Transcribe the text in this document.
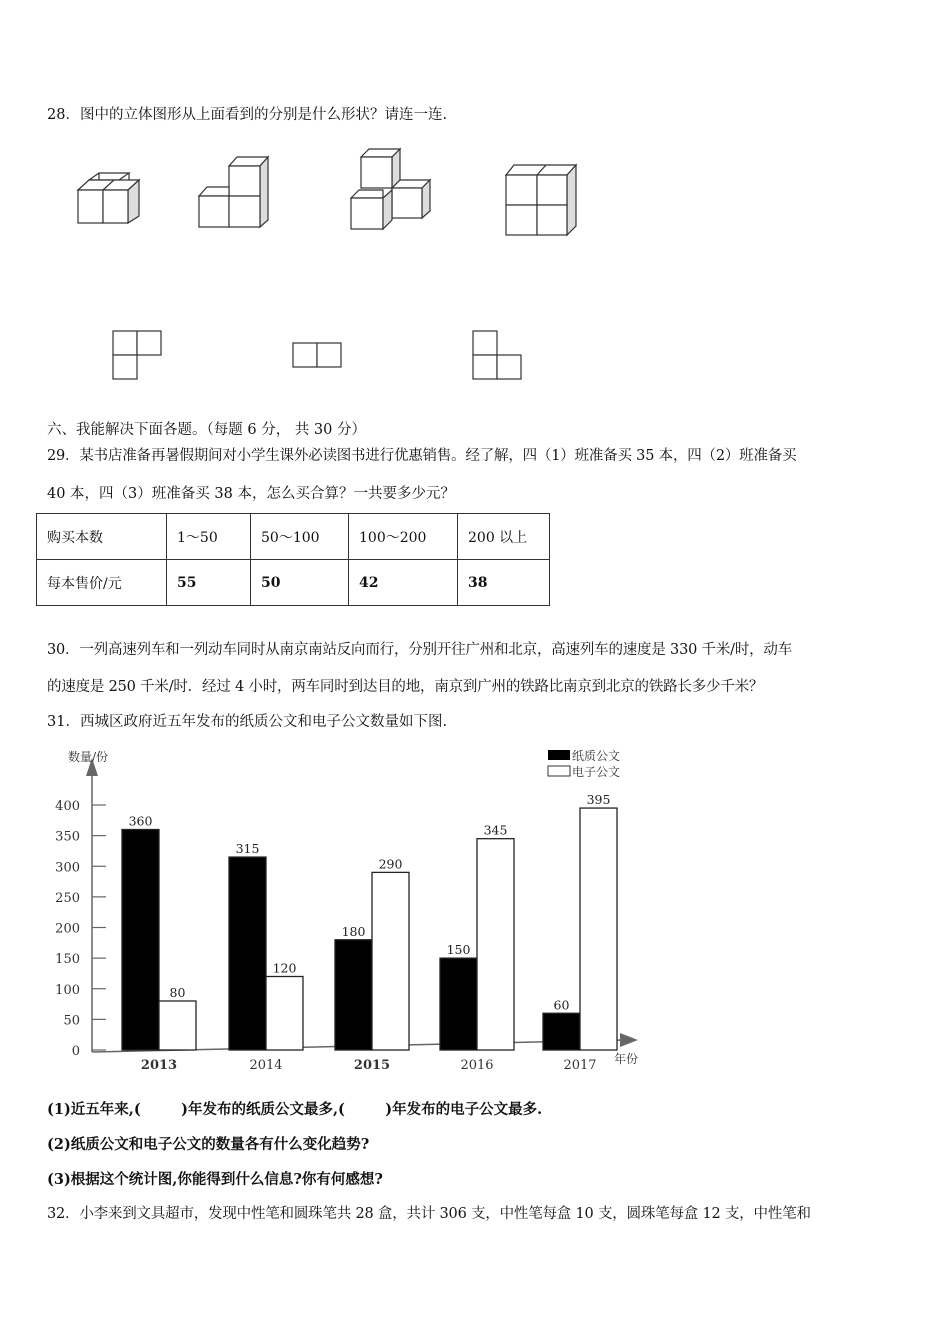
28．图中的立体图形从上面看到的分别是什么形状？请连一连.
六、我能解决下面各题。（每题 6 分， 共 30 分）
29．某书店准备再暑假期间对小学生课外必读图书进行优惠销售。经了解，四（1）班准备买 35 本，四（2）班准备买
40 本，四（3）班准备买 38 本，怎么买合算？一共要多少元？
购买本数	1～50	50～100	100～200	200 以上
每本售价/元	55	50	42	38
30．一列高速列车和一列动车同时从南京南站反向而行，分别开往广州和北京，高速列车的速度是 330 千米/时，动车
的速度是 250 千米/时．经过 4 小时，两车同时到达目的地，南京到广州的铁路比南京到北京的铁路长多少千米？
31．西城区政府近五年发布的纸质公文和电子公文数量如下图.
数量/份
年份
0
50
100
150
200
250
300
350
400
360
80
315
120
180
290
150
345
60
395
2013	2014	2015	2016	2017
纸质公文
电子公文
(1)近五年来,(        )年发布的纸质公文最多,(        )年发布的电子公文最多.
(2)纸质公文和电子公文的数量各有什么变化趋势?
(3)根据这个统计图,你能得到什么信息?你有何感想?
32．小李来到文具超市，发现中性笔和圆珠笔共 28 盒，共计 306 支，中性笔每盒 10 支，圆珠笔每盒 12 支，中性笔和
